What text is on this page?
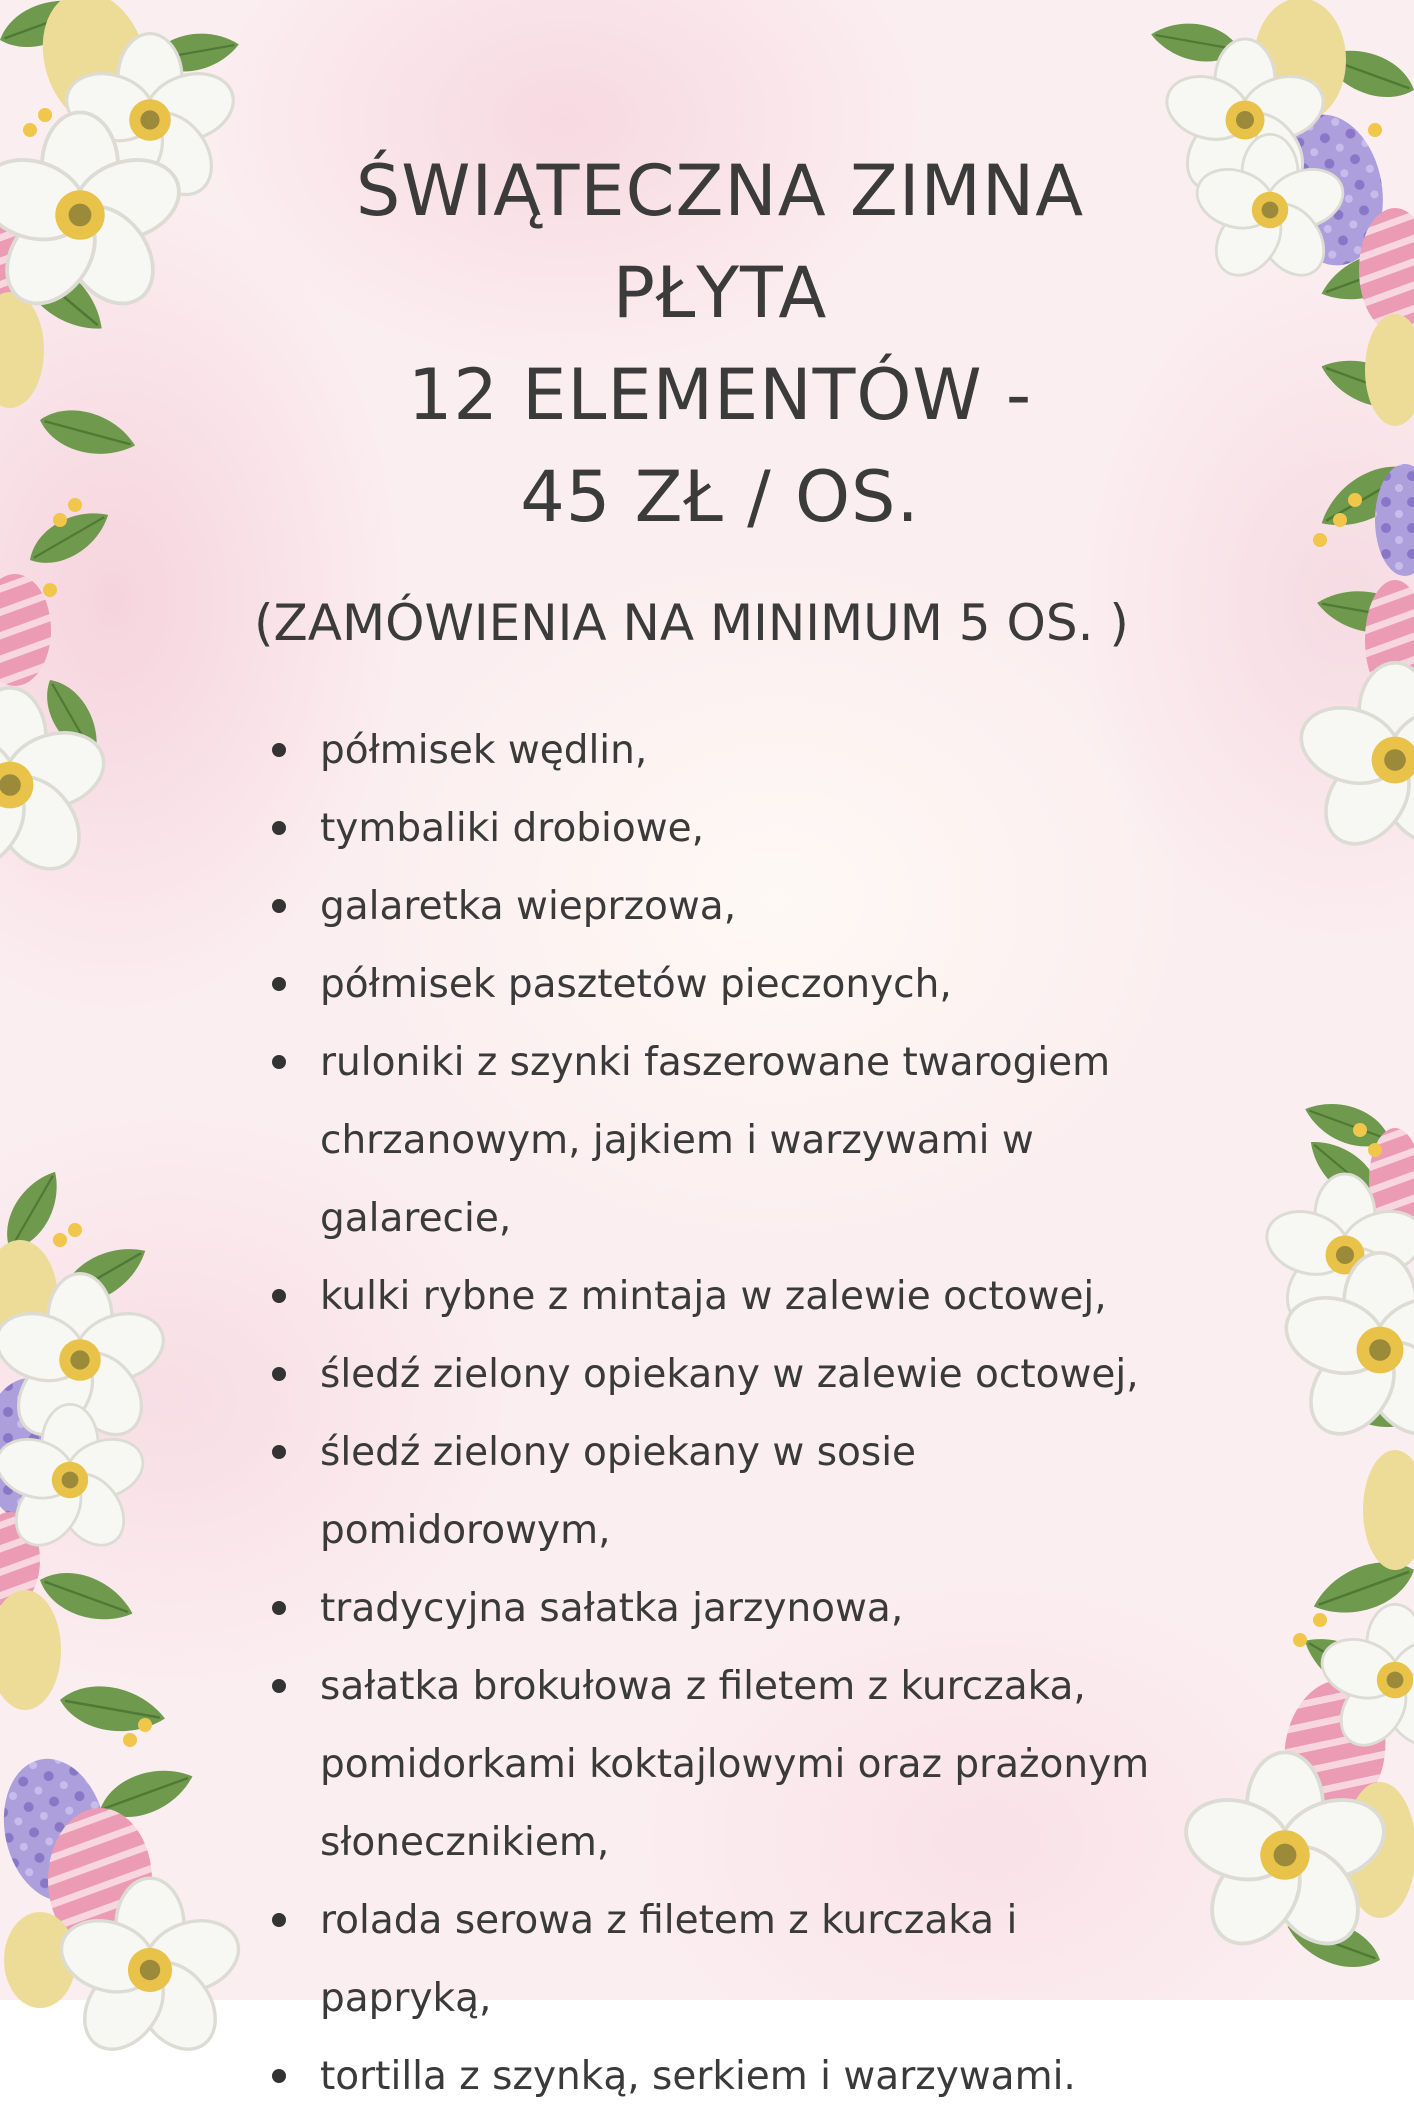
ŚWIĄTECZNA ZIMNA
PŁYTA
12 ELEMENTÓW -
45 ZŁ / OS.

(ZAMÓWIENIA NA MINIMUM 5 OS. )

półmisek wędlin,
tymbaliki drobiowe,
galaretka wieprzowa,
półmisek pasztetów pieczonych,
ruloniki z szynki faszerowane twarogiem chrzanowym, jajkiem i warzywami w galarecie,
kulki rybne z mintaja w zalewie octowej,
śledź zielony opiekany w zalewie octowej,
śledź zielony opiekany w sosie pomidorowym,
tradycyjna sałatka jarzynowa,
sałatka brokułowa z filetem z kurczaka, pomidorkami koktajlowymi oraz prażonym słonecznikiem,
rolada serowa z filetem z kurczaka i papryką,
tortilla z szynką, serkiem i warzywami.
